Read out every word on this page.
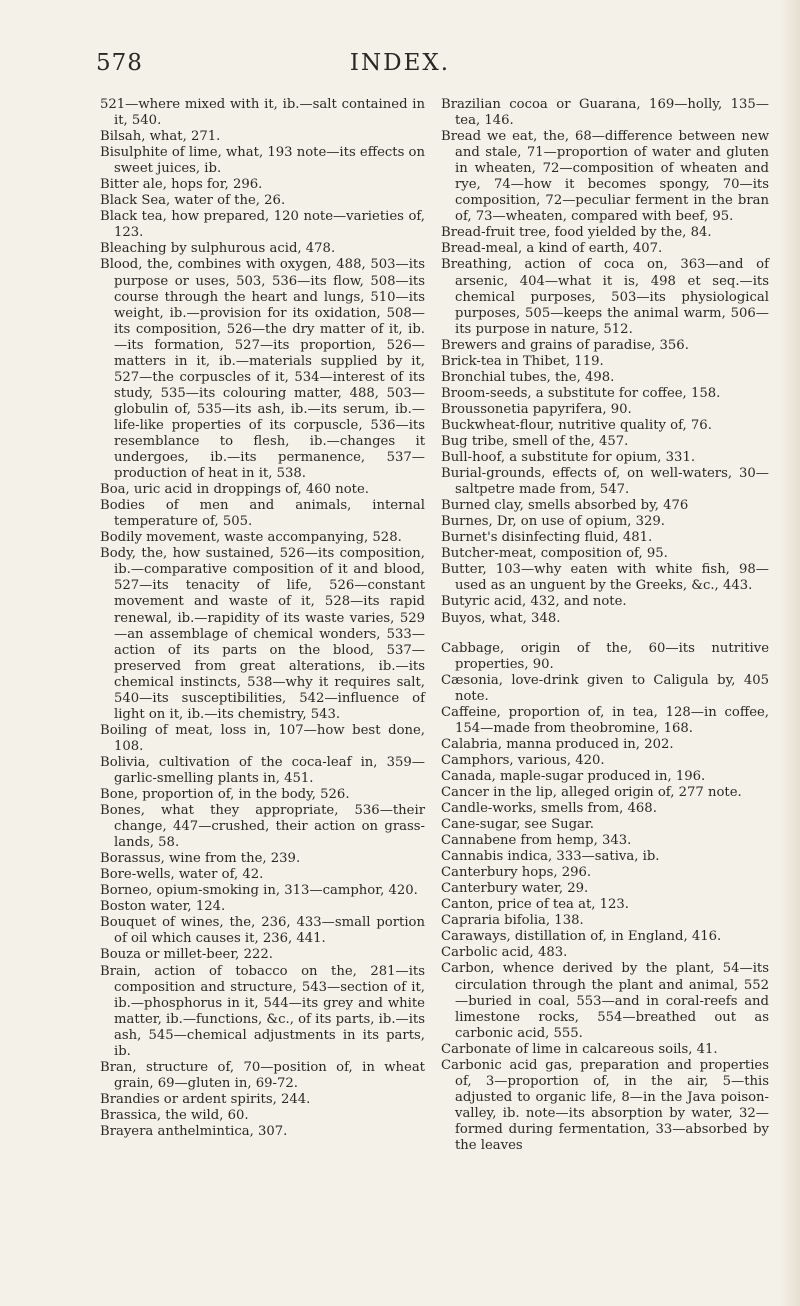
578	INDEX.

521—where mixed with it, ib.—salt contained in it, 540.

Bilsah, what, 271.

Bisulphite of lime, what, 193 note—its effects on sweet juices, ib.

Bitter ale, hops for, 296.

Black Sea, water of the, 26.

Black tea, how prepared, 120 note—varieties of, 123.

Bleaching by sulphurous acid, 478.

Blood, the, combines with oxygen, 488, 503—its purpose or uses, 503, 536—its flow, 508—its course through the heart and lungs, 510—its weight, ib.—provision for its oxidation, 508—its composition, 526—the dry matter of it, ib.—its formation, 527—its proportion, 526—matters in it, ib.—materials supplied by it, 527—the corpuscles of it, 534—interest of its study, 535—its colouring matter, 488, 503—globulin of, 535—its ash, ib.—its serum, ib.—life-like properties of its corpuscle, 536—its resemblance to flesh, ib.—changes it undergoes, ib.—its permanence, 537—production of heat in it, 538.

Boa, uric acid in droppings of, 460 note.

Bodies of men and animals, internal temperature of, 505.

Bodily movement, waste accompanying, 528.

Body, the, how sustained, 526—its composition, ib.—comparative composition of it and blood, 527—its tenacity of life, 526—constant movement and waste of it, 528—its rapid renewal, ib.—rapidity of its waste varies, 529—an assemblage of chemical wonders, 533—action of its parts on the blood, 537—preserved from great alterations, ib.—its chemical instincts, 538—why it requires salt, 540—its susceptibilities, 542—influence of light on it, ib.—its chemistry, 543.

Boiling of meat, loss in, 107—how best done, 108.

Bolivia, cultivation of the coca-leaf in, 359—garlic-smelling plants in, 451.

Bone, proportion of, in the body, 526.

Bones, what they appropriate, 536—their change, 447—crushed, their action on grass-lands, 58.

Borassus, wine from the, 239.

Bore-wells, water of, 42.

Borneo, opium-smoking in, 313—camphor, 420.

Boston water, 124.

Bouquet of wines, the, 236, 433—small portion of oil which causes it, 236, 441.

Bouza or millet-beer, 222.

Brain, action of tobacco on the, 281—its composition and structure, 543—section of it, ib.—phosphorus in it, 544—its grey and white matter, ib.—functions, &c., of its parts, ib.—its ash, 545—chemical adjustments in its parts, ib.

Bran, structure of, 70—position of, in wheat grain, 69—gluten in, 69-72.

Brandies or ardent spirits, 244.

Brassica, the wild, 60.

Brayera anthelmintica, 307.

Brazilian cocoa or Guarana, 169—holly, 135—tea, 146.

Bread we eat, the, 68—difference between new and stale, 71—proportion of water and gluten in wheaten, 72—composition of wheaten and rye, 74—how it becomes spongy, 70—its composition, 72—peculiar ferment in the bran of, 73—wheaten, compared with beef, 95.

Bread-fruit tree, food yielded by the, 84.

Bread-meal, a kind of earth, 407.

Breathing, action of coca on, 363—and of arsenic, 404—what it is, 498 et seq.—its chemical purposes, 503—its physiological purposes, 505—keeps the animal warm, 506—its purpose in nature, 512.

Brewers and grains of paradise, 356.

Brick-tea in Thibet, 119.

Bronchial tubes, the, 498.

Broom-seeds, a substitute for coffee, 158.

Broussonetia papyrifera, 90.

Buckwheat-flour, nutritive quality of, 76.

Bug tribe, smell of the, 457.

Bull-hoof, a substitute for opium, 331.

Burial-grounds, effects of, on well-waters, 30—saltpetre made from, 547.

Burned clay, smells absorbed by, 476

Burnes, Dr, on use of opium, 329.

Burnet's disinfecting fluid, 481.

Butcher-meat, composition of, 95.

Butter, 103—why eaten with white fish, 98—used as an unguent by the Greeks, &c., 443.

Butyric acid, 432, and note.

Buyos, what, 348.

Cabbage, origin of the, 60—its nutritive properties, 90.

Cæsonia, love-drink given to Caligula by, 405 note.

Caffeine, proportion of, in tea, 128—in coffee, 154—made from theobromine, 168.

Calabria, manna produced in, 202.

Camphors, various, 420.

Canada, maple-sugar produced in, 196.

Cancer in the lip, alleged origin of, 277 note.

Candle-works, smells from, 468.

Cane-sugar, see Sugar.

Cannabene from hemp, 343.

Cannabis indica, 333—sativa, ib.

Canterbury hops, 296.

Canterbury water, 29.

Canton, price of tea at, 123.

Capraria bifolia, 138.

Caraways, distillation of, in England, 416.

Carbolic acid, 483.

Carbon, whence derived by the plant, 54—its circulation through the plant and animal, 552—buried in coal, 553—and in coral-reefs and limestone rocks, 554—breathed out as carbonic acid, 555.

Carbonate of lime in calcareous soils, 41.

Carbonic acid gas, preparation and properties of, 3—proportion of, in the air, 5—this adjusted to organic life, 8—in the Java poison-valley, ib. note—its absorption by water, 32—formed during fermentation, 33—absorbed by the leaves
